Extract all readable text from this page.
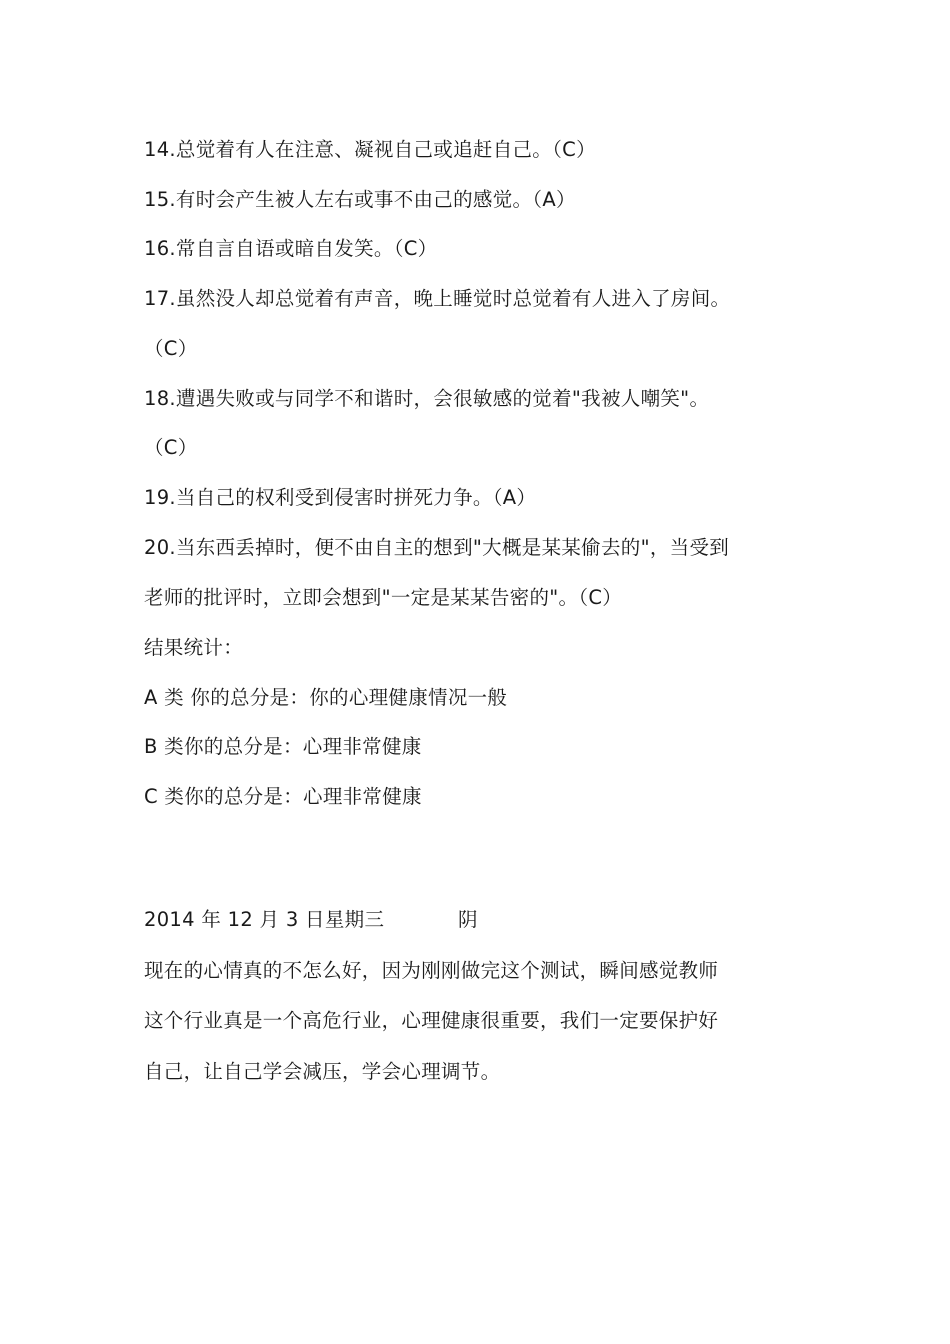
14.总觉着有人在注意、凝视自己或追赶自己。（C）
15.有时会产生被人左右或事不由己的感觉。（A）
16.常自言自语或暗自发笑。（C）
17.虽然没人却总觉着有声音，晚上睡觉时总觉着有人进入了房间。
（C）
18.遭遇失败或与同学不和谐时，会很敏感的觉着"我被人嘲笑"。
（C）
19.当自己的权利受到侵害时拼死力争。（A）
20.当东西丢掉时，便不由自主的想到"大概是某某偷去的"，当受到
老师的批评时，立即会想到"一定是某某告密的"。（C）
结果统计：
A 类 你的总分是：你的心理健康情况一般
B 类你的总分是：心理非常健康
C 类你的总分是：心理非常健康
2014 年 12 月 3 日星期三	阴
现在的心情真的不怎么好，因为刚刚做完这个测试，瞬间感觉教师
这个行业真是一个高危行业，心理健康很重要，我们一定要保护好
自己，让自己学会减压，学会心理调节。
